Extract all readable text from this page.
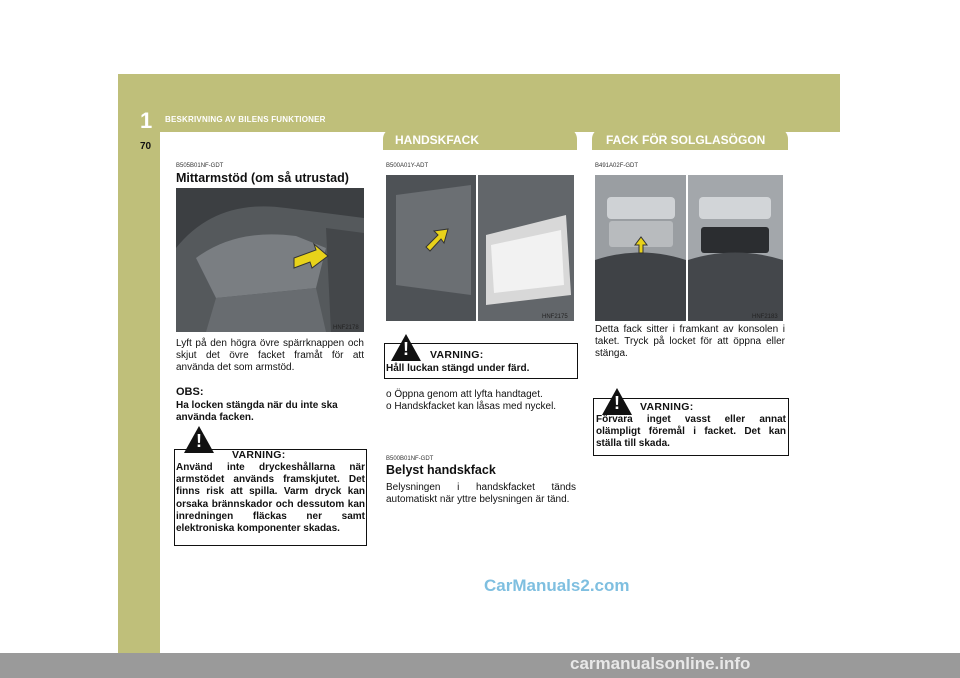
1 BESKRIVNING AV BILENS FUNKTIONER
70	HANDSKFACK	FACK FÖR SOLGLASÖGON
B505B01NF-GDT
Mittarmstöd (om så utrustad)
HNF2178
Lyft på den högra övre spärrknappen och skjut det övre facket framåt för att använda det som armstöd.
OBS:
Ha locken stängda när du inte ska använda facken.
!
VARNING:
Använd inte dryckeshållarna när armstödet används framskjutet. Det finns risk att spilla. Varm dryck kan orsaka brännskador och dessutom kan inredningen fläckas ner samt elektroniska komponenter skadas.
B500A01Y-ADT
HNF2175
!	VARNING:
Håll luckan stängd under färd.
o Öppna genom att lyfta handtaget.
o Handskfacket kan låsas med nyckel.
B500B01NF-GDT
Belyst handskfack
Belysningen i handskfacket tänds automatiskt när yttre belysningen är tänd.
B491A02F-GDT
HNF2183
Detta fack sitter i framkant av konsolen i taket. Tryck på locket för att öppna eller stänga.
!	VARNING:
Förvara inget vasst eller annat olämpligt föremål i facket. Det kan ställa till skada.
CarManuals2.com
carmanualsonline.info
